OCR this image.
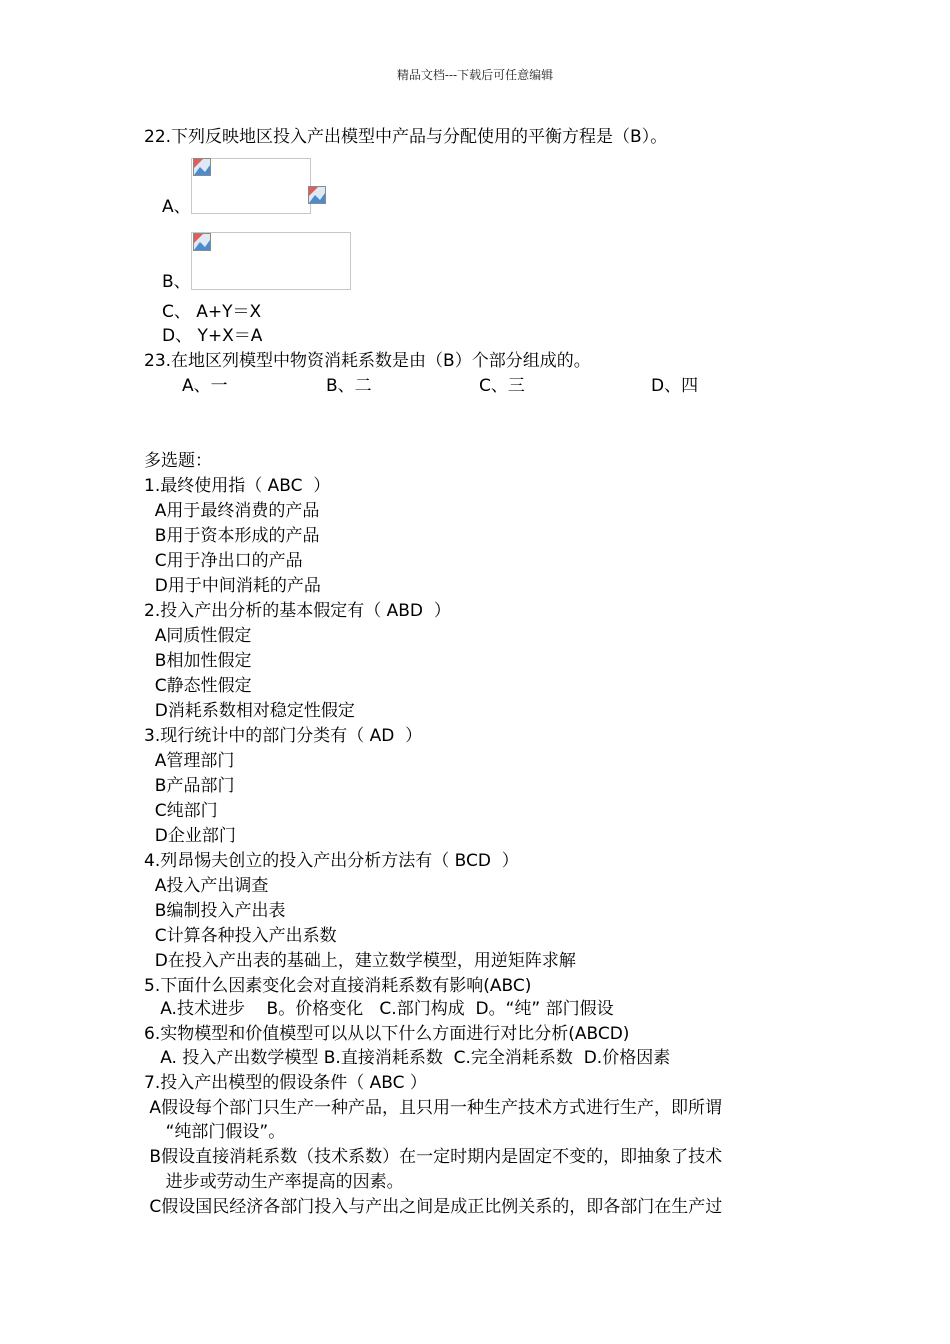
精品文档---下载后可任意编辑
22.下列反映地区投入产出模型中产品与分配使用的平衡方程是（B）。
A、
B、
C、 A+Y＝X
D、 Y+X＝A
23.在地区列模型中物资消耗系数是由（B）个部分组成的。
A、一	B、二	C、三	D、四
多选题：
1.最终使用指（ ABC  ）
A用于最终消费的产品
B用于资本形成的产品
C用于净出口的产品
D用于中间消耗的产品
2.投入产出分析的基本假定有（ ABD  ）
A同质性假定
B相加性假定
C静态性假定
D消耗系数相对稳定性假定
3.现行统计中的部门分类有（ AD  ）
A管理部门
B产品部门
C纯部门
D企业部门
4.列昂惕夫创立的投入产出分析方法有（ BCD  ）
A投入产出调查
B编制投入产出表
C计算各种投入产出系数
D在投入产出表的基础上，建立数学模型，用逆矩阵求解
5.下面什么因素变化会对直接消耗系数有影响(ABC)
A.技术进步    B。价格变化   C.部门构成  D。“纯” 部门假设
6.实物模型和价值模型可以从以下什么方面进行对比分析(ABCD)
A. 投入产出数学模型 B.直接消耗系数  C.完全消耗系数  D.价格因素
7.投入产出模型的假设条件（ ABC ）
A假设每个部门只生产一种产品，且只用一种生产技术方式进行生产，即所谓
“纯部门假设”。
B假设直接消耗系数（技术系数）在一定时期内是固定不变的，即抽象了技术
进步或劳动生产率提高的因素。
C假设国民经济各部门投入与产出之间是成正比例关系的，即各部门在生产过
